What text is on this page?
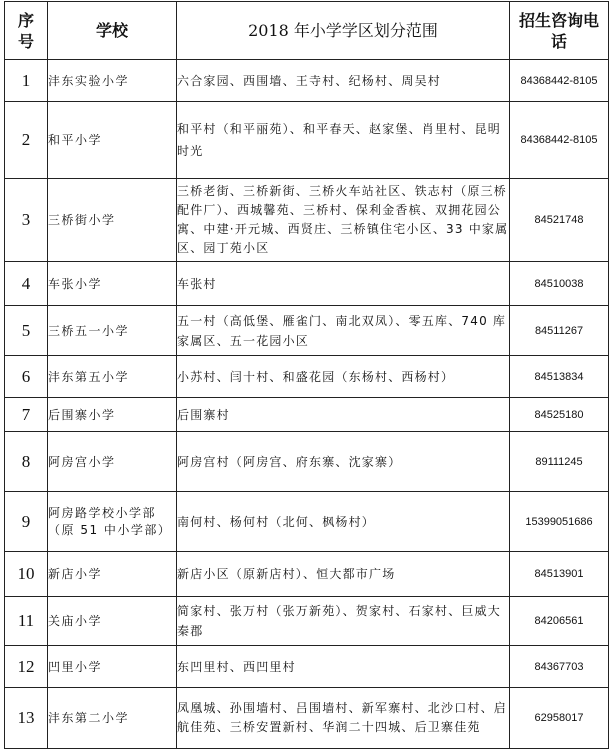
序号	学校	2018 年小学学区划分范围	招生咨询电话
1	沣东实验小学	六合家园、西围墙、王寺村、纪杨村、周吴村	84368442-8105
2	和平小学	和平村（和平丽苑）、和平春天、赵家堡、肖里村、昆明时光	84368442-8105
3	三桥街小学	三桥老街、三桥新街、三桥火车站社区、铁志村（原三桥配件厂）、西城馨苑、三桥村、保利金香槟、双拥花园公寓、中建·开元城、西贤庄、三桥镇住宅小区、33 中家属区、园丁苑小区	84521748
4	车张小学	车张村	84510038
5	三桥五一小学	五一村（高低堡、雁雀门、南北双凤）、零五库、740 库家属区、五一花园小区	84511267
6	沣东第五小学	小苏村、闫十村、和盛花园（东杨村、西杨村）	84513834
7	后围寨小学	后围寨村	84525180
8	阿房宫小学	阿房宫村（阿房宫、府东寨、沈家寨）	89111245
9	阿房路学校小学部（原 51 中小学部）	南何村、杨何村（北何、枫杨村）	15399051686
10	新店小学	新店小区（原新店村）、恒大都市广场	84513901
11	关庙小学	简家村、张万村（张万新苑）、贺家村、石家村、巨威大秦郡	84206561
12	凹里小学	东凹里村、西凹里村	84367703
13	沣东第二小学	凤凰城、孙围墙村、吕围墙村、新军寨村、北沙口村、启航佳苑、三桥安置新村、华润二十四城、后卫寨佳苑	62958017
